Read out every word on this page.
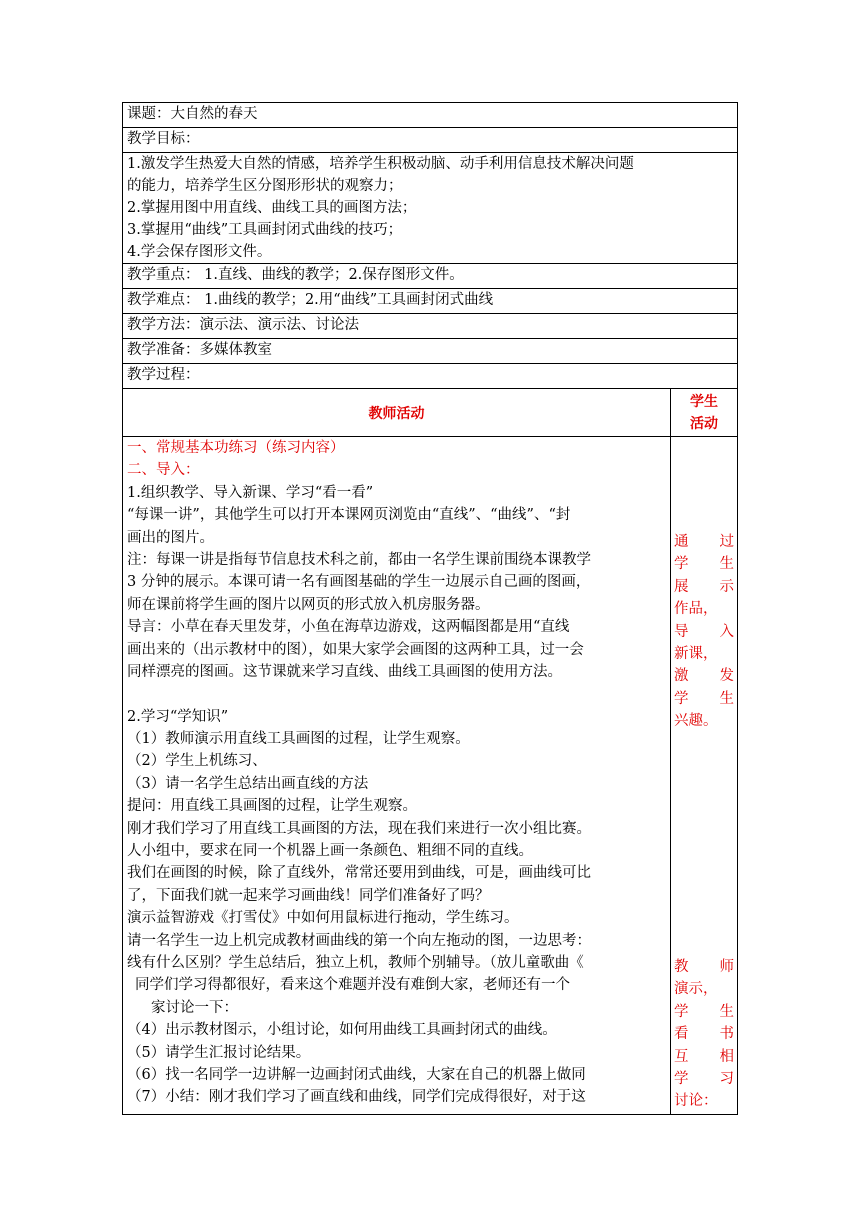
课题：大自然的春天
教学目标：
1.激发学生热爱大自然的情感，培养学生积极动脑、动手利用信息技术解决问题
的能力，培养学生区分图形形状的观察力；
2.掌握用图中用直线、曲线工具的画图方法；
3.掌握用“曲线”工具画封闭式曲线的技巧；
4.学会保存图形文件。
教学重点： 1.直线、曲线的教学；2.保存图形文件。
教学难点： 1.曲线的教学；2.用“曲线”工具画封闭式曲线
教学方法：演示法、演示法、讨论法
教学准备：多媒体教室
教学过程：
教师活动
学生
活动
一、常规基本功练习（练习内容）
二、导入：
1.组织教学、导入新课、学习“看一看”
“每课一讲”，其他学生可以打开本课网页浏览由“直线”、“曲线”、“封
画出的图片。
注：每课一讲是指每节信息技术科之前，都由一名学生课前围绕本课教学
3 分钟的展示。本课可请一名有画图基础的学生一边展示自己画的图画，
师在课前将学生画的图片以网页的形式放入机房服务器。
导言：小草在春天里发芽，小鱼在海草边游戏，这两幅图都是用“直线
画出来的（出示教材中的图），如果大家学会画图的这两种工具，过一会
同样漂亮的图画。这节课就来学习直线、曲线工具画图的使用方法。
2.学习“学知识”
（1）教师演示用直线工具画图的过程，让学生观察。
（2）学生上机练习、
（3）请一名学生总结出画直线的方法
提问：用直线工具画图的过程，让学生观察。
刚才我们学习了用直线工具画图的方法，现在我们来进行一次小组比赛。
人小组中，要求在同一个机器上画一条颜色、粗细不同的直线。
我们在画图的时候，除了直线外，常常还要用到曲线，可是，画曲线可比
了，下面我们就一起来学习画曲线！同学们准备好了吗？
演示益智游戏《打雪仗》中如何用鼠标进行拖动，学生练习。
请一名学生一边上机完成教材画曲线的第一个向左拖动的图，一边思考：
线有什么区别？学生总结后，独立上机，教师个别辅导。（放儿童歌曲《
同学们学习得都很好，看来这个难题并没有难倒大家，老师还有一个
家讨论一下：
（4）出示教材图示，小组讨论，如何用曲线工具画封闭式的曲线。
（5）请学生汇报讨论结果。
（6）找一名同学一边讲解一边画封闭式曲线，大家在自己的机器上做同
（7）小结：刚才我们学习了画直线和曲线，同学们完成得很好，对于这
通 过
学 生
展 示
作品，
导 入
新课，
激 发
学 生
兴趣。
教 师
演示，
学 生
看 书
互 相
学 习
讨论：
